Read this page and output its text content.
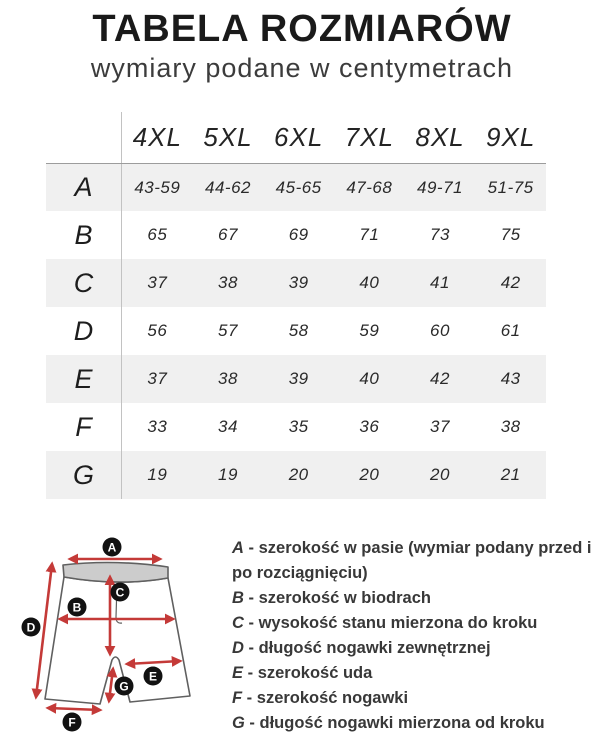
TABELA ROZMIARÓW
wymiary podane w centymetrach
4XL 5XL 6XL 7XL 8XL 9XL
A	43-59	44-62	45-65	47-68	49-71	51-75
B	65	67	69	71	73	75
C	37	38	39	40	41	42
D	56	57	58	59	60	61
E	37	38	39	40	42	43
F	33	34	35	36	37	38
G	19	19	20	20	20	21
A
C
B
D
E
G
F
A - szerokość w pasie (wymiar podany przed i po rozciągnięciu)
B - szerokość w biodrach
C - wysokość stanu mierzona do kroku
D - długość nogawki zewnętrznej
E - szerokość uda
F - szerokość nogawki
G - długość nogawki mierzona od kroku
